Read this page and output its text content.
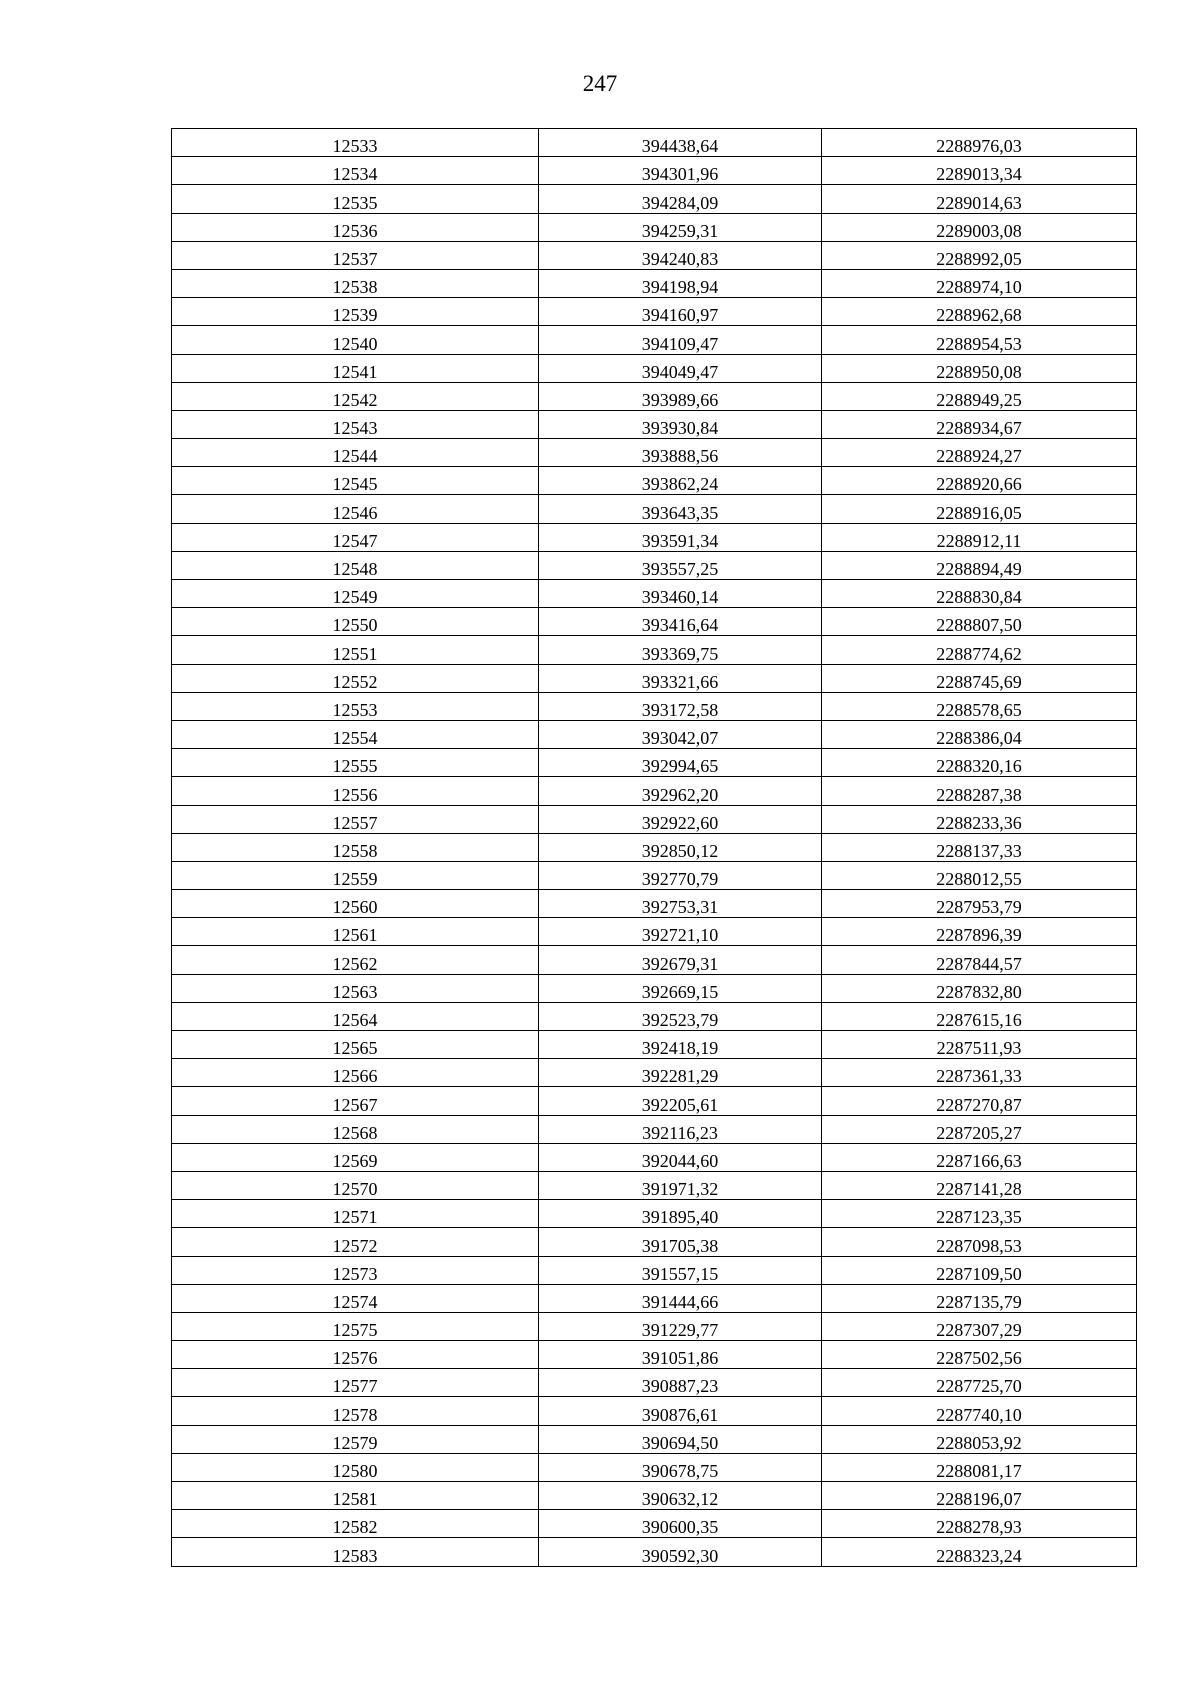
247
12533	394438,64	2288976,03
12534	394301,96	2289013,34
12535	394284,09	2289014,63
12536	394259,31	2289003,08
12537	394240,83	2288992,05
12538	394198,94	2288974,10
12539	394160,97	2288962,68
12540	394109,47	2288954,53
12541	394049,47	2288950,08
12542	393989,66	2288949,25
12543	393930,84	2288934,67
12544	393888,56	2288924,27
12545	393862,24	2288920,66
12546	393643,35	2288916,05
12547	393591,34	2288912,11
12548	393557,25	2288894,49
12549	393460,14	2288830,84
12550	393416,64	2288807,50
12551	393369,75	2288774,62
12552	393321,66	2288745,69
12553	393172,58	2288578,65
12554	393042,07	2288386,04
12555	392994,65	2288320,16
12556	392962,20	2288287,38
12557	392922,60	2288233,36
12558	392850,12	2288137,33
12559	392770,79	2288012,55
12560	392753,31	2287953,79
12561	392721,10	2287896,39
12562	392679,31	2287844,57
12563	392669,15	2287832,80
12564	392523,79	2287615,16
12565	392418,19	2287511,93
12566	392281,29	2287361,33
12567	392205,61	2287270,87
12568	392116,23	2287205,27
12569	392044,60	2287166,63
12570	391971,32	2287141,28
12571	391895,40	2287123,35
12572	391705,38	2287098,53
12573	391557,15	2287109,50
12574	391444,66	2287135,79
12575	391229,77	2287307,29
12576	391051,86	2287502,56
12577	390887,23	2287725,70
12578	390876,61	2287740,10
12579	390694,50	2288053,92
12580	390678,75	2288081,17
12581	390632,12	2288196,07
12582	390600,35	2288278,93
12583	390592,30	2288323,24
